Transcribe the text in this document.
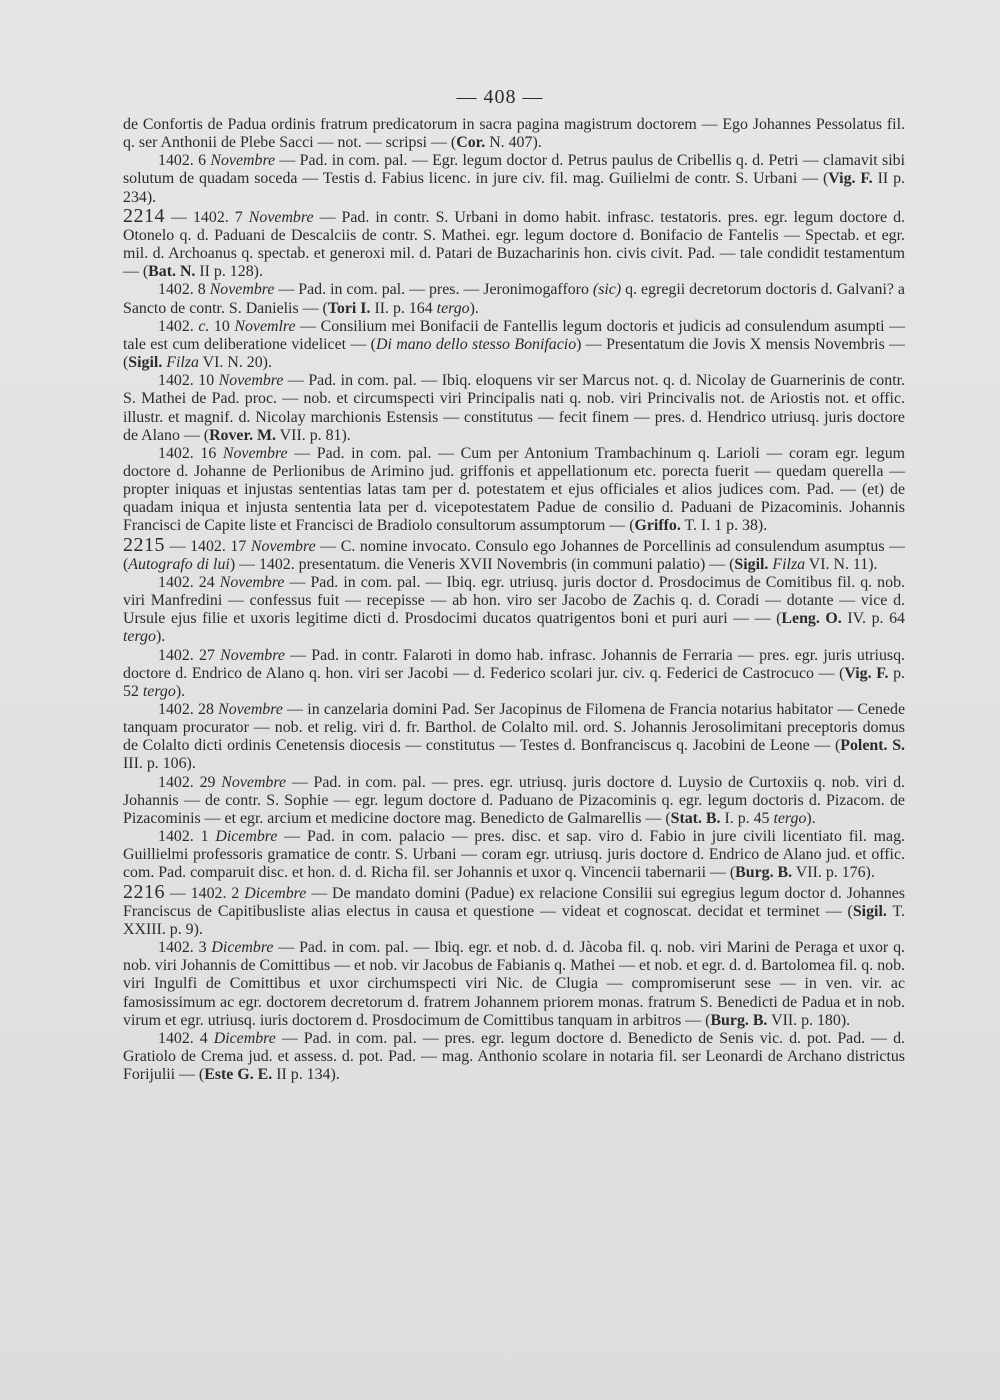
— 408 —

de Confortis de Padua ordinis fratrum predicatorum in sacra pagina magistrum doctorem — Ego Johannes Pessolatus fil. q. ser Anthonii de Plebe Sacci — not. — scripsi — (Cor. N. 407).

1402. 6 Novembre — Pad. in com. pal. — Egr. legum doctor d. Petrus paulus de Cribellis q. d. Petri — clamavit sibi solutum de quadam soceda — Testis d. Fabius licenc. in jure civ. fil. mag. Guilielmi de contr. S. Urbani — (Vig. F. II p. 234).

2214 — 1402. 7 Novembre — Pad. in contr. S. Urbani in domo habit. infrasc. testatoris. pres. egr. legum doctore d. Otonelo q. d. Paduani de Descalciis de contr. S. Mathei. egr. legum doctore d. Bonifacio de Fantelis — Spectab. et egr. mil. d. Archoanus q. spectab. et generoxi mil. d. Patari de Buzacharinis hon. civis civit. Pad. — tale condidit testamentum — (Bat. N. II p. 128).

1402. 8 Novembre — Pad. in com. pal. — pres. — Jeronimogafforo (sic) q. egregii decretorum doctoris d. Galvani? a Sancto de contr. S. Danielis — (Tori I. II. p. 164 tergo).

1402. c. 10 Novemlre — Consilium mei Bonifacii de Fantellis legum doctoris et judicis ad consulendum asumpti — tale est cum deliberatione videlicet — (Di mano dello stesso Bonifacio) — Presentatum die Jovis X mensis Novembris — (Sigil. Filza VI. N. 20).

1402. 10 Novembre — Pad. in com. pal. — Ibiq. eloquens vir ser Marcus not. q. d. Nicolay de Guarnerinis de contr. S. Mathei de Pad. proc. — nob. et circumspecti viri Principalis nati q. nob. viri Princivalis not. de Ariostis not. et offic. illustr. et magnif. d. Nicolay marchionis Estensis — constitutus — fecit finem — pres. d. Hendrico utriusq. juris doctore de Alano — (Rover. M. VII. p. 81).

1402. 16 Novembre — Pad. in com. pal. — Cum per Antonium Trambachinum q. Larioli — coram egr. legum doctore d. Johanne de Perlionibus de Arimino jud. griffonis et appellationum etc. porecta fuerit — quedam querella — propter iniquas et injustas sententias latas tam per d. potestatem et ejus officiales et alios judices com. Pad. — (et) de quadam iniqua et injusta sententia lata per d. vicepotestatem Padue de consilio d. Paduani de Pizacominis. Johannis Francisci de Capite liste et Francisci de Bradiolo consultorum assumptorum — (Griffo. T. I. 1 p. 38).

2215 — 1402. 17 Novembre — C. nomine invocato. Consulo ego Johannes de Porcellinis ad consulendum asumptus — (Autografo di lui) — 1402. presentatum. die Veneris XVII Novembris (in communi palatio) — (Sigil. Filza VI. N. 11).

1402. 24 Novembre — Pad. in com. pal. — Ibiq. egr. utriusq. juris doctor d. Prosdocimus de Comitibus fil. q. nob. viri Manfredini — confessus fuit — recepisse — ab hon. viro ser Jacobo de Zachis q. d. Coradi — dotante — vice d. Ursule ejus filie et uxoris legitime dicti d. Prosdocimi ducatos quatrigentos boni et puri auri — — (Leng. O. IV. p. 64 tergo).

1402. 27 Novembre — Pad. in contr. Falaroti in domo hab. infrasc. Johannis de Ferraria — pres. egr. juris utriusq. doctore d. Endrico de Alano q. hon. viri ser Jacobi — d. Federico scolari jur. civ. q. Federici de Castrocuco — (Vig. F. p. 52 tergo).

1402. 28 Novembre — in canzelaria domini Pad. Ser Jacopinus de Filomena de Francia notarius habitator — Cenede tanquam procurator — nob. et relig. viri d. fr. Barthol. de Colalto mil. ord. S. Johannis Jerosolimitani preceptoris domus de Colalto dicti ordinis Cenetensis diocesis — constitutus — Testes d. Bonfranciscus q. Jacobini de Leone — (Polent. S. III. p. 106).

1402. 29 Novembre — Pad. in com. pal. — pres. egr. utriusq. juris doctore d. Luysio de Curtoxiis q. nob. viri d. Johannis — de contr. S. Sophie — egr. legum doctore d. Paduano de Pizacominis q. egr. legum doctoris d. Pizacom. de Pizacominis — et egr. arcium et medicine doctore mag. Benedicto de Galmarellis — (Stat. B. I. p. 45 tergo).

1402. 1 Dicembre — Pad. in com. palacio — pres. disc. et sap. viro d. Fabio in jure civili licentiato fil. mag. Guillielmi professoris gramatice de contr. S. Urbani — coram egr. utriusq. juris doctore d. Endrico de Alano jud. et offic. com. Pad. comparuit disc. et hon. d. d. Richa fil. ser Johannis et uxor q. Vincencii tabernarii — (Burg. B. VII. p. 176).

2216 — 1402. 2 Dicembre — De mandato domini (Padue) ex relacione Consilii sui egregius legum doctor d. Johannes Franciscus de Capitibusliste alias electus in causa et questione — videat et cognoscat. decidat et terminet — (Sigil. T. XXIII. p. 9).

1402. 3 Dicembre — Pad. in com. pal. — Ibiq. egr. et nob. d. d. Jàcoba fil. q. nob. viri Marini de Peraga et uxor q. nob. viri Johannis de Comittibus — et nob. vir Jacobus de Fabianis q. Mathei — et nob. et egr. d. d. Bartolomea fil. q. nob. viri Ingulfi de Comittibus et uxor circhumspecti viri Nic. de Clugia — compromiserunt sese — in ven. vir. ac famosissimum ac egr. doctorem decretorum d. fratrem Johannem priorem monas. fratrum S. Benedicti de Padua et in nob. virum et egr. utriusq. iuris doctorem d. Prosdocimum de Comittibus tanquam in arbitros — (Burg. B. VII. p. 180).

1402. 4 Dicembre — Pad. in com. pal. — pres. egr. legum doctore d. Benedicto de Senis vic. d. pot. Pad. — d. Gratiolo de Crema jud. et assess. d. pot. Pad. — mag. Anthonio scolare in notaria fil. ser Leonardi de Archano districtus Forijulii — (Este G. E. II p. 134).
